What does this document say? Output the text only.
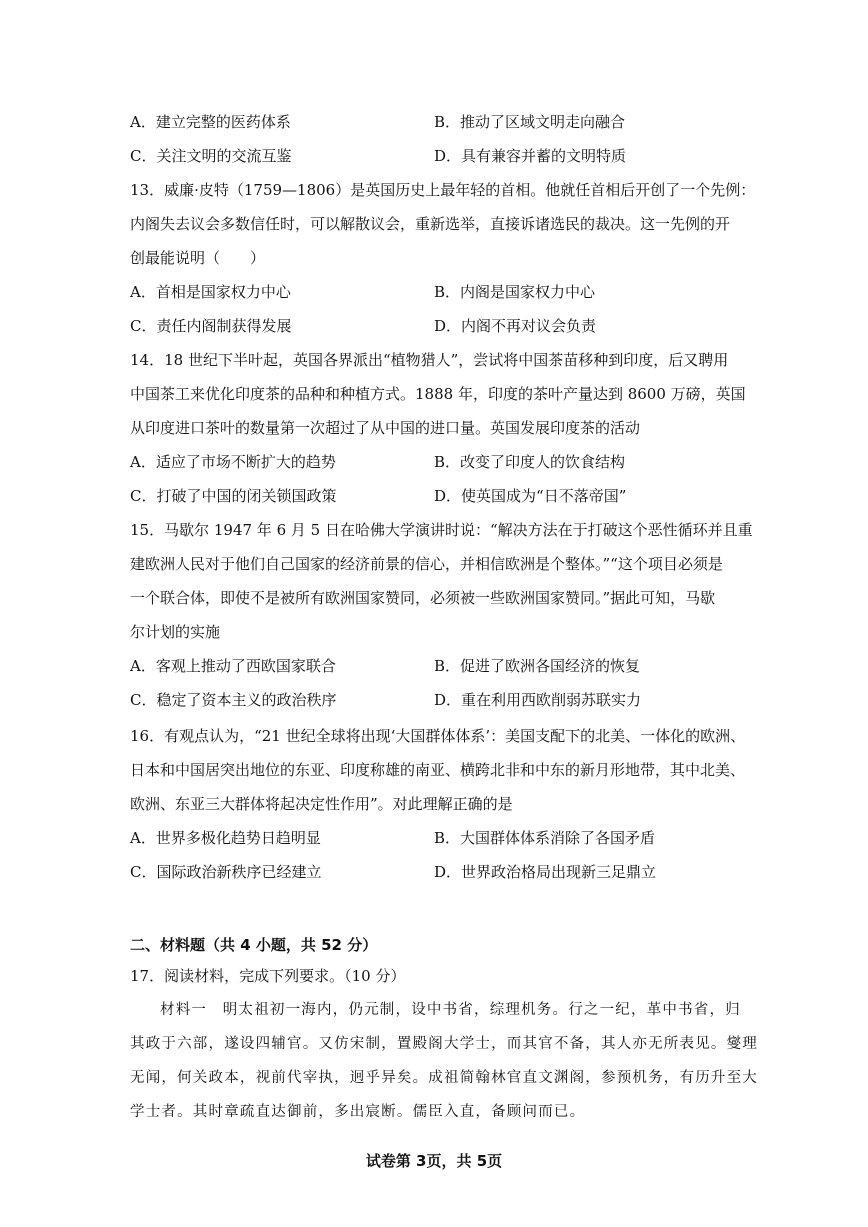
A．建立完整的医药体系	B．推动了区域文明走向融合
C．关注文明的交流互鉴	D．具有兼容并蓄的文明特质
13．威廉·皮特（1759—1806）是英国历史上最年轻的首相。他就任首相后开创了一个先例：
内阁失去议会多数信任时，可以解散议会，重新选举，直接诉诸选民的裁决。这一先例的开
创最能说明（　　）
A．首相是国家权力中心	B．内阁是国家权力中心
C．责任内阁制获得发展	D．内阁不再对议会负责
14．18 世纪下半叶起，英国各界派出“植物猎人”，尝试将中国茶苗移种到印度，后又聘用
中国茶工来优化印度茶的品种和种植方式。1888 年，印度的茶叶产量达到 8600 万磅，英国
从印度进口茶叶的数量第一次超过了从中国的进口量。英国发展印度茶的活动
A．适应了市场不断扩大的趋势	B．改变了印度人的饮食结构
C．打破了中国的闭关锁国政策	D．使英国成为“日不落帝国”
15．马歇尔 1947 年 6 月 5 日在哈佛大学演讲时说：“解决方法在于打破这个恶性循环并且重
建欧洲人民对于他们自己国家的经济前景的信心，并相信欧洲是个整体。”“这个项目必须是
一个联合体，即使不是被所有欧洲国家赞同，必须被一些欧洲国家赞同。”据此可知，马歇
尔计划的实施
A．客观上推动了西欧国家联合	B．促进了欧洲各国经济的恢复
C．稳定了资本主义的政治秩序	D．重在利用西欧削弱苏联实力
16．有观点认为，“21 世纪全球将出现‘大国群体体系’：美国支配下的北美、一体化的欧洲、
日本和中国居突出地位的东亚、印度称雄的南亚、横跨北非和中东的新月形地带，其中北美、
欧洲、东亚三大群体将起决定性作用”。对此理解正确的是
A．世界多极化趋势日趋明显	B．大国群体体系消除了各国矛盾
C．国际政治新秩序已经建立	D．世界政治格局出现新三足鼎立
二、材料题（共 4 小题，共 52 分）
17．阅读材料，完成下列要求。（10 分）
材料一　明太祖初一海内，仍元制，设中书省，综理机务。行之一纪，革中书省，归
其政于六部，遂设四辅官。又仿宋制，置殿阁大学士，而其官不备，其人亦无所表见。燮理
无闻，何关政本，视前代宰执，迥乎异矣。成祖简翰林官直文渊阁，参预机务，有历升至大
学士者。其时章疏直达御前，多出宸断。儒臣入直，备顾问而已。
试卷第 3页，共 5页
